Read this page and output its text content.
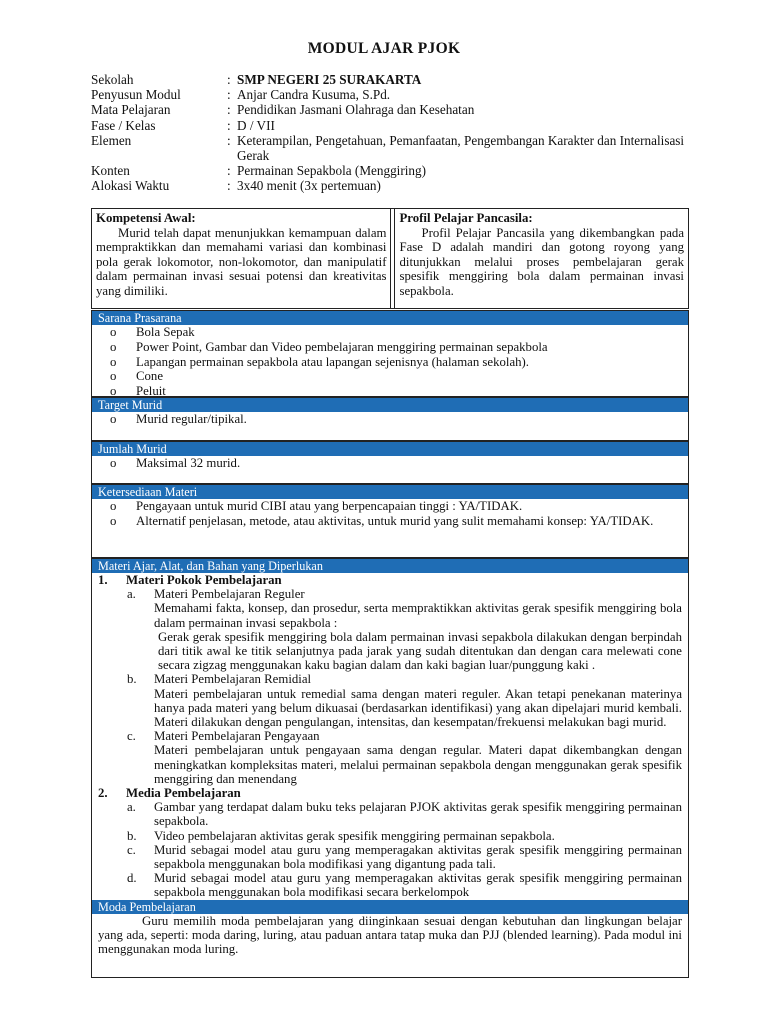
MODUL AJAR PJOK
Sekolah	: SMP NEGERI 25 SURAKARTA
Penyusun Modul	: Anjar Candra Kusuma, S.Pd.
Mata Pelajaran	: Pendidikan Jasmani Olahraga dan Kesehatan
Fase / Kelas	: D / VII
Elemen	: Keterampilan, Pengetahuan, Pemanfaatan, Pengembangan Karakter dan Internalisasi Gerak
Konten	: Permainan Sepakbola (Menggiring)
Alokasi Waktu	: 3x40 menit (3x pertemuan)
Kompetensi Awal:
Murid telah dapat menunjukkan kemampuan dalam mempraktikkan dan memahami variasi dan kombinasi pola gerak lokomotor, non-lokomotor, dan manipulatif dalam permainan invasi sesuai potensi dan kreativitas yang dimiliki.
Profil Pelajar Pancasila:
Profil Pelajar Pancasila yang dikembangkan pada Fase D adalah mandiri dan gotong royong yang ditunjukkan melalui proses pembelajaran gerak spesifik menggiring bola dalam permainan invasi sepakbola.
Sarana Prasarana
o	Bola Sepak
o	Power Point, Gambar dan Video pembelajaran menggiring permainan sepakbola
o	Lapangan permainan sepakbola atau lapangan sejenisnya (halaman sekolah).
o	Cone
o	Peluit
Target Murid
o	Murid regular/tipikal.
Jumlah Murid
o	Maksimal 32 murid.
Ketersediaan Materi
o	Pengayaan untuk murid CIBI atau yang berpencapaian tinggi : YA/TIDAK.
o	Alternatif penjelasan, metode, atau aktivitas, untuk murid yang sulit memahami konsep: YA/TIDAK.
Materi Ajar, Alat, dan Bahan yang Diperlukan
1.	Materi Pokok Pembelajaran
a.	Materi Pembelajaran Reguler
Memahami fakta, konsep, dan prosedur, serta mempraktikkan aktivitas gerak spesifik menggiring bola dalam permainan invasi sepakbola :
Gerak gerak spesifik menggiring bola dalam permainan invasi sepakbola dilakukan dengan berpindah dari titik awal ke titik selanjutnya pada jarak yang sudah ditentukan dan dengan cara melewati cone secara zigzag menggunakan kaku bagian dalam dan kaki bagian luar/punggung kaki .
b.	Materi Pembelajaran Remidial
Materi pembelajaran untuk remedial sama dengan materi reguler. Akan tetapi penekanan materinya hanya pada materi yang belum dikuasai (berdasarkan identifikasi) yang akan dipelajari murid kembali. Materi dilakukan dengan pengulangan, intensitas, dan kesempatan/frekuensi melakukan bagi murid.
c.	Materi Pembelajaran Pengayaan
Materi pembelajaran untuk pengayaan sama dengan regular. Materi dapat dikembangkan dengan meningkatkan kompleksitas materi, melalui permainan sepakbola dengan menggunakan gerak spesifik menggiring dan menendang
2.	Media Pembelajaran
a.	Gambar yang terdapat dalam buku teks pelajaran PJOK aktivitas gerak spesifik menggiring permainan sepakbola.
b.	Video pembelajaran aktivitas gerak spesifik menggiring permainan sepakbola.
c.	Murid sebagai model atau guru yang memperagakan aktivitas gerak spesifik menggiring permainan sepakbola menggunakan bola modifikasi yang digantung pada tali.
d.	Murid sebagai model atau guru yang memperagakan aktivitas gerak spesifik menggiring permainan sepakbola menggunakan bola modifikasi secara berkelompok
Moda Pembelajaran
Guru memilih moda pembelajaran yang diinginkaan sesuai dengan kebutuhan dan lingkungan belajar yang ada, seperti: moda daring, luring, atau paduan antara tatap muka dan PJJ (blended learning). Pada modul ini menggunakan moda luring.
